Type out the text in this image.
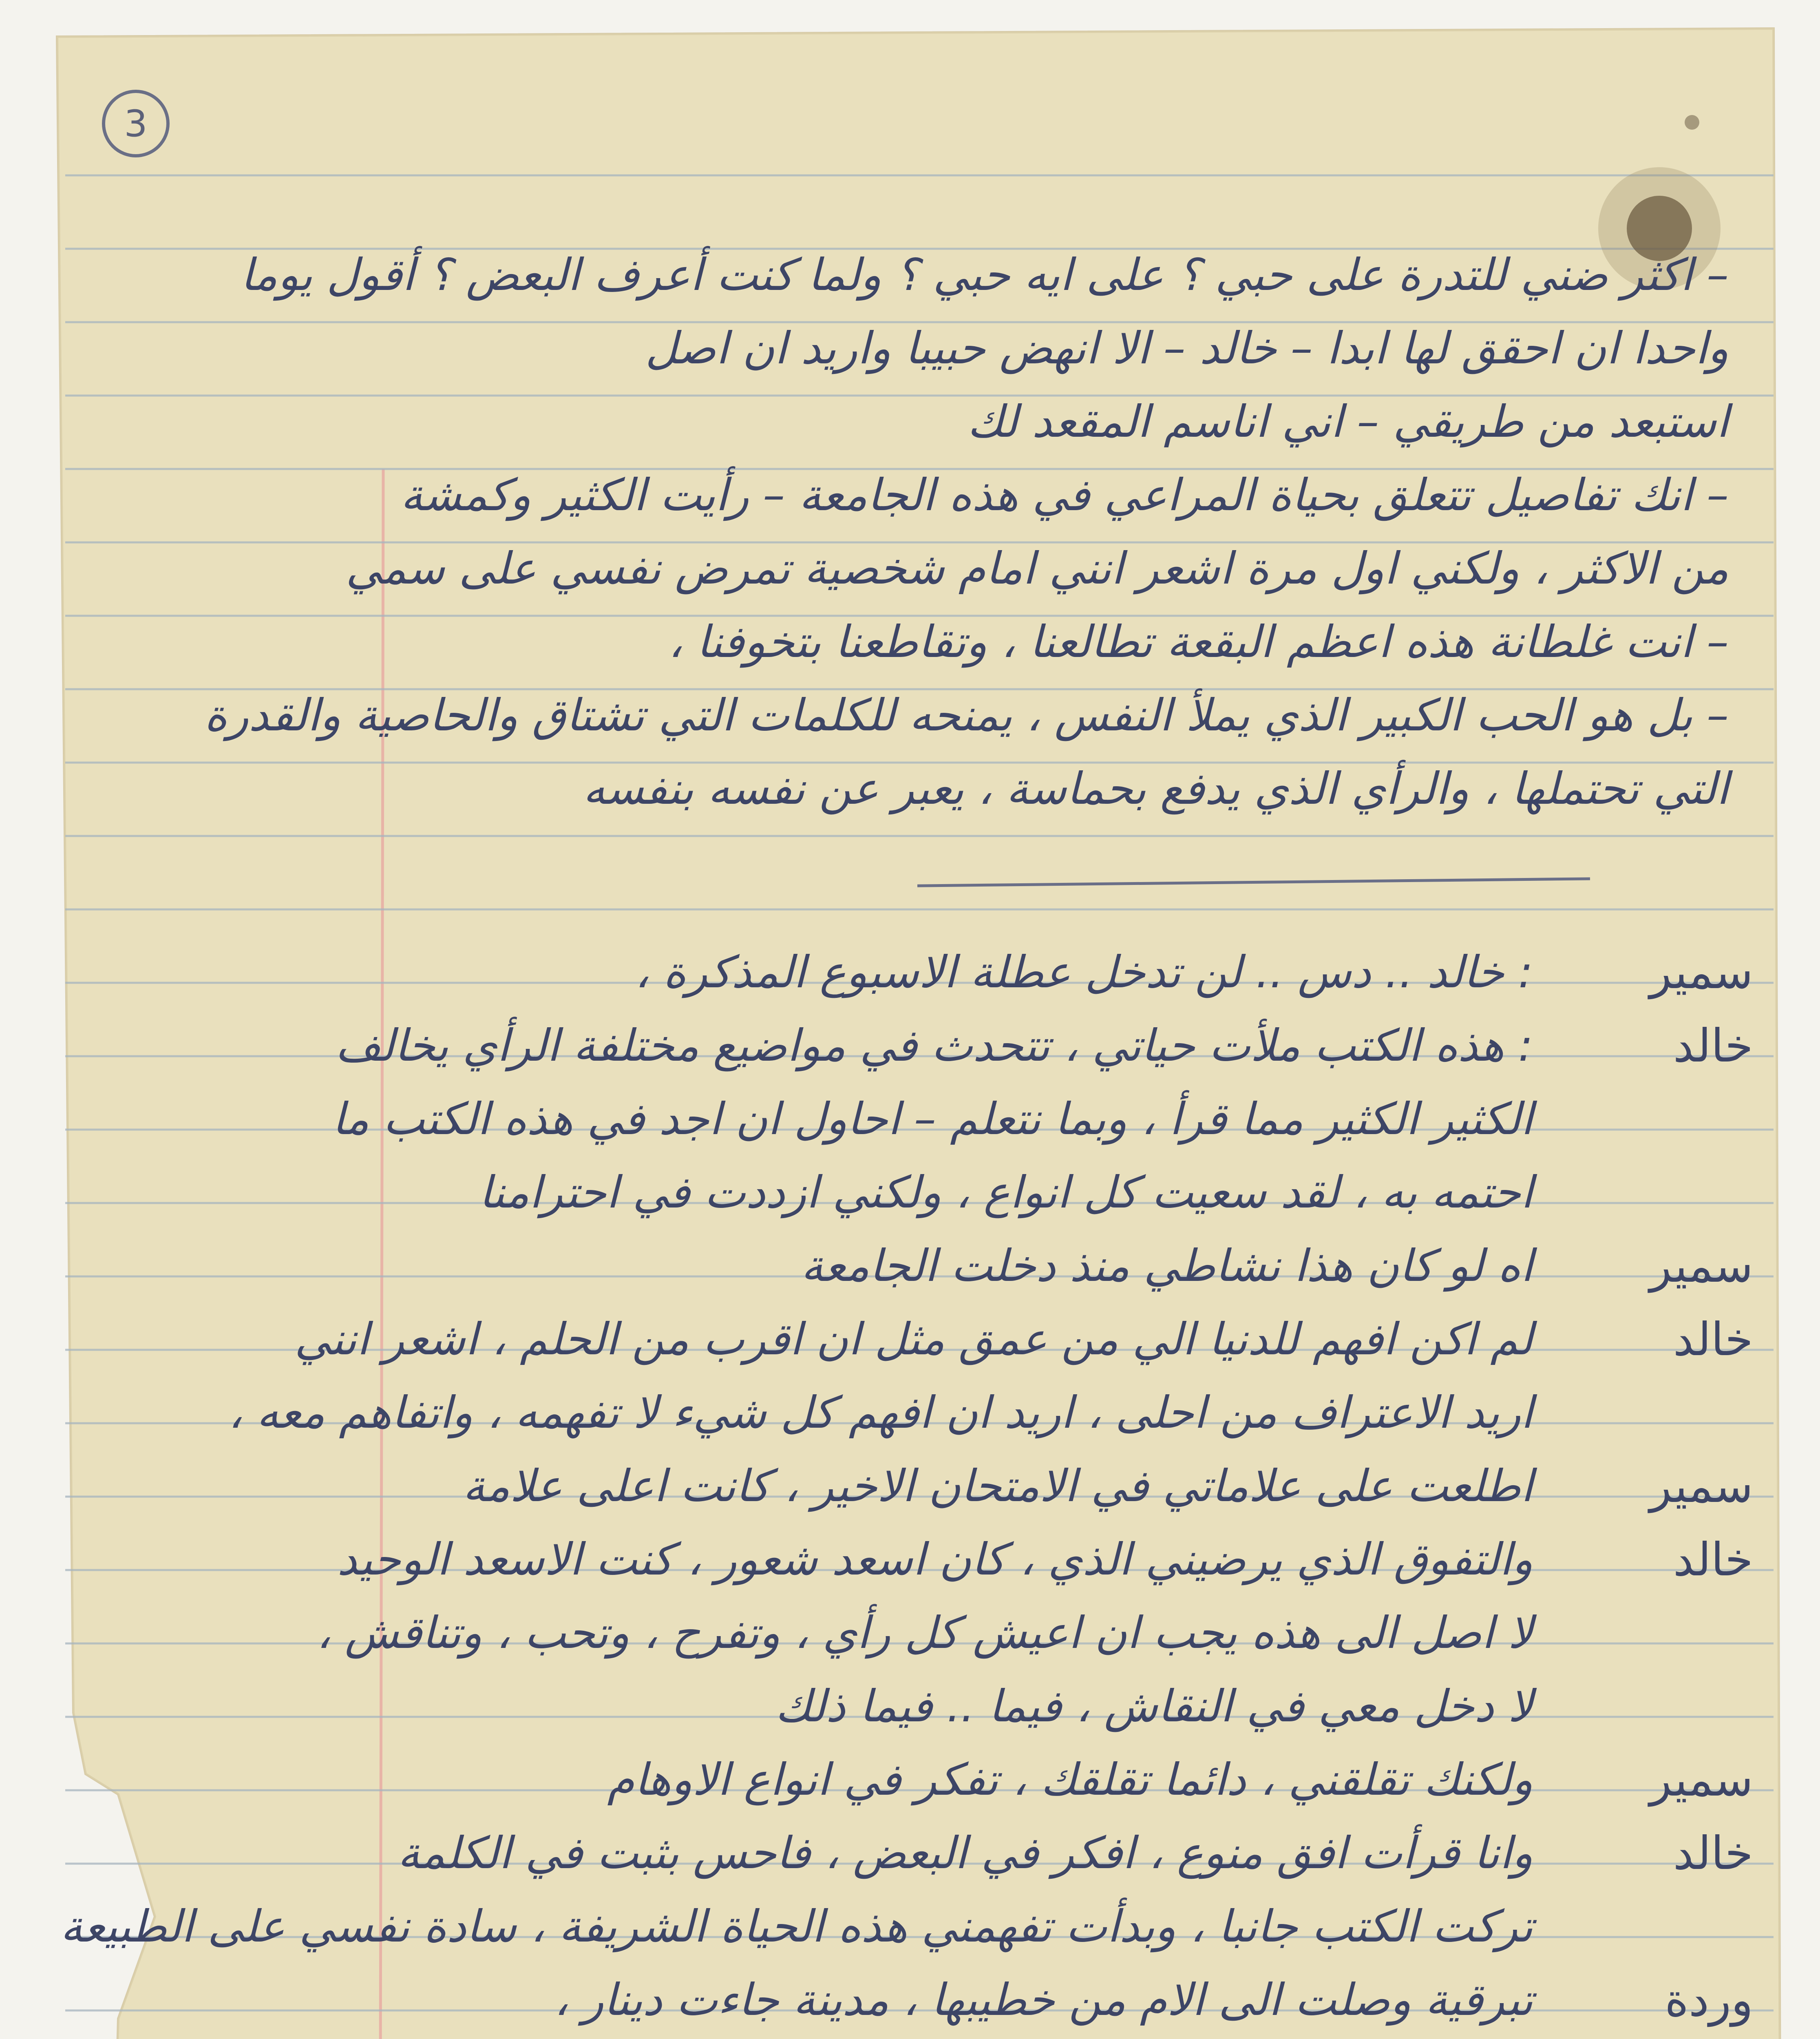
3
– اكثر ضني للتدرة على حبي ؟ على ايه حبي ؟ ولما كنت أعرف البعض ؟ أقول يوما
واحدا ان احقق لها ابدا – خالد – الا انهض حبيبا واريد ان اصل
استبعد من طريقي – اني اناسم المقعد لك
– انك تفاصيل تتعلق بحياة المراعي في هذه الجامعة – رأيت الكثير وكمشة
من الاكثر ، ولكني اول مرة اشعر انني امام شخصية تمرض نفسي على سمي
– انت غلطانة هذه اعظم البقعة تطالعنا ، وتقاطعنا بتخوفنا ،
– بل هو الحب الكبير الذي يملأ النفس ، يمنحه للكلمات التي تشتاق والحاصية والقدرة
التي تحتملها ، والرأي الذي يدفع بحماسة ، يعبر عن نفسه بنفسه
سمير
: خالد .. دس .. لن تدخل عطلة الاسبوع المذكرة ،
خالد
: هذه الكتب ملأت حياتي ، تتحدث في مواضيع مختلفة الرأي يخالف
الكثير الكثير مما قرأ ، وبما نتعلم – احاول ان اجد في هذه الكتب ما
احتمه به ، لقد سعيت كل انواع ، ولكني ازددت في احترامنا
سمير
اه لو كان هذا نشاطي منذ دخلت الجامعة
خالد
لم اكن افهم للدنيا الي من عمق مثل ان اقرب من الحلم ، اشعر انني
اريد الاعتراف من احلى ، اريد ان افهم كل شيء لا تفهمه ، واتفاهم معه ،
سمير
اطلعت على علاماتي في الامتحان الاخير ، كانت اعلى علامة
خالد
والتفوق الذي يرضيني الذي ، كان اسعد شعور ، كنت الاسعد الوحيد
لا اصل الى هذه يجب ان اعيش كل رأي ، وتفرح ، وتحب ، وتناقش ،
لا دخل معي في النقاش ، فيما .. فيما ذلك
سمير
ولكنك تقلقني ، دائما تقلقك ، تفكر في انواع الاوهام
خالد
وانا قرأت افق منوع ، افكر في البعض ، فاحس بثبت في الكلمة
تركت الكتب جانبا ، وبدأت تفهمني هذه الحياة الشريفة ، سادة نفسي على الطبيعة
وردة
تبرقية وصلت الى الام من خطيبها ، مدينة جاءت دينار ،
